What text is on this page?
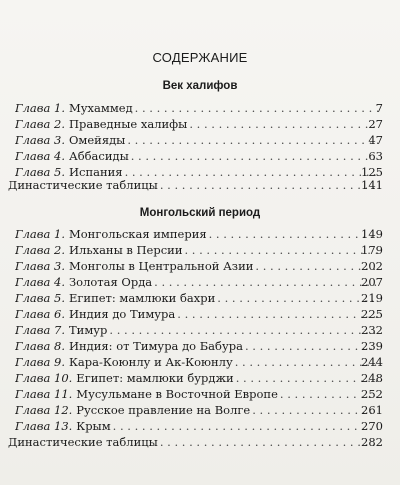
СОДЕРЖАНИЕ
Век халифов
Глава 1. Мухаммед . . .	7
Глава 2. Праведные халифы . . .	27
Глава 3. Омейяды . . .	47
Глава 4. Аббасиды . . .	63
Глава 5. Испания . . .	125
Династические таблицы . . .	141
Монгольский период
Глава 1. Монгольская империя . . .	149
Глава 2. Ильханы в Персии . . .	179
Глава 3. Монголы в Центральной Азии . . .	202
Глава 4. Золотая Орда . . .	207
Глава 5. Египет: мамлюки бахри . . .	219
Глава 6. Индия до Тимура . . .	225
Глава 7. Тимур . . .	232
Глава 8. Индия: от Тимура до Бабура . . .	239
Глава 9. Кара-Коюнлу и Ак-Коюнлу . . .	244
Глава 10. Египет: мамлюки бурджи . . .	248
Глава 11. Мусульмане в Восточной Европе . . .	252
Глава 12. Русское правление на Волге . . .	261
Глава 13. Крым . . .	270
Династические таблицы . . .	282
